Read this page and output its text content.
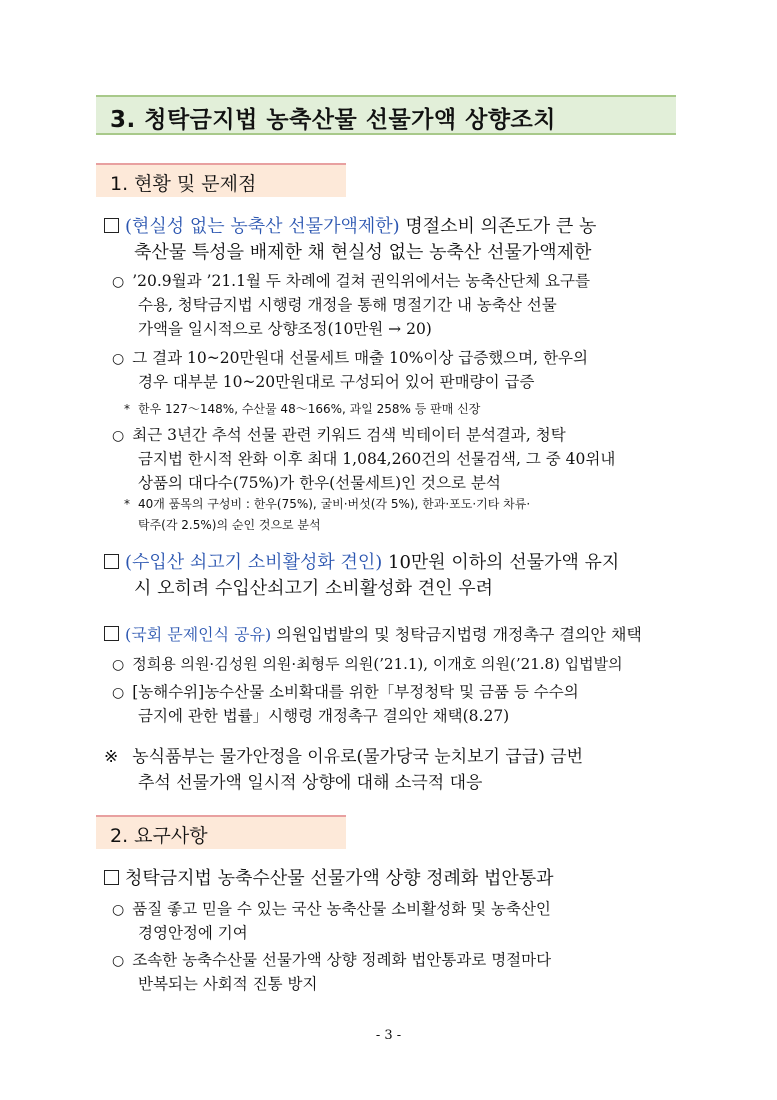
3. 청탁금지법 농축산물 선물가액 상향조치
1. 현황 및 문제점
(현실성 없는 농축산 선물가액제한) 명절소비 의존도가 큰 농
축산물 특성을 배제한 채 현실성 없는 농축산 선물가액제한
○ ’20.9월과 ’21.1월 두 차례에 걸쳐 권익위에서는 농축산단체 요구를
수용, 청탁금지법 시행령 개정을 통해 명절기간 내 농축산 선물
가액을 일시적으로 상향조정(10만원 → 20)
○ 그 결과 10~20만원대 선물세트 매출 10%이상 급증했으며, 한우의
경우 대부분 10~20만원대로 구성되어 있어 판매량이 급증
* 한우 127～148%, 수산물 48～166%, 과일 258% 등 판매 신장
○ 최근 3년간 추석 선물 관련 키워드 검색 빅테이터 분석결과, 청탁
금지법 한시적 완화 이후 최대 1,084,260건의 선물검색, 그 중 40위내
상품의 대다수(75%)가 한우(선물세트)인 것으로 분석
* 40개 품목의 구성비 : 한우(75%), 굴비·버섯(각 5%), 한과·포도·기타 차류·
탁주(각 2.5%)의 순인 것으로 분석
(수입산 쇠고기 소비활성화 견인) 10만원 이하의 선물가액 유지
시 오히려 수입산쇠고기 소비활성화 견인 우려
(국회 문제인식 공유) 의원입법발의 및 청탁금지법령 개정촉구 결의안 채택
○ 정희용 의원·김성원 의원·최형두 의원(’21.1), 이개호 의원(’21.8) 입법발의
○ [농해수위]농수산물 소비확대를 위한「부정청탁 및 금품 등 수수의
금지에 관한 법률」시행령 개정촉구 결의안 채택(8.27)
※ 농식품부는 물가안정을 이유로(물가당국 눈치보기 급급) 금번
추석 선물가액 일시적 상향에 대해 소극적 대응
2. 요구사항
청탁금지법 농축수산물 선물가액 상향 정례화 법안통과
○ 품질 좋고 믿을 수 있는 국산 농축산물 소비활성화 및 농축산인
경영안정에 기여
○ 조속한 농축수산물 선물가액 상향 정례화 법안통과로 명절마다
반복되는 사회적 진통 방지
- 3 -
